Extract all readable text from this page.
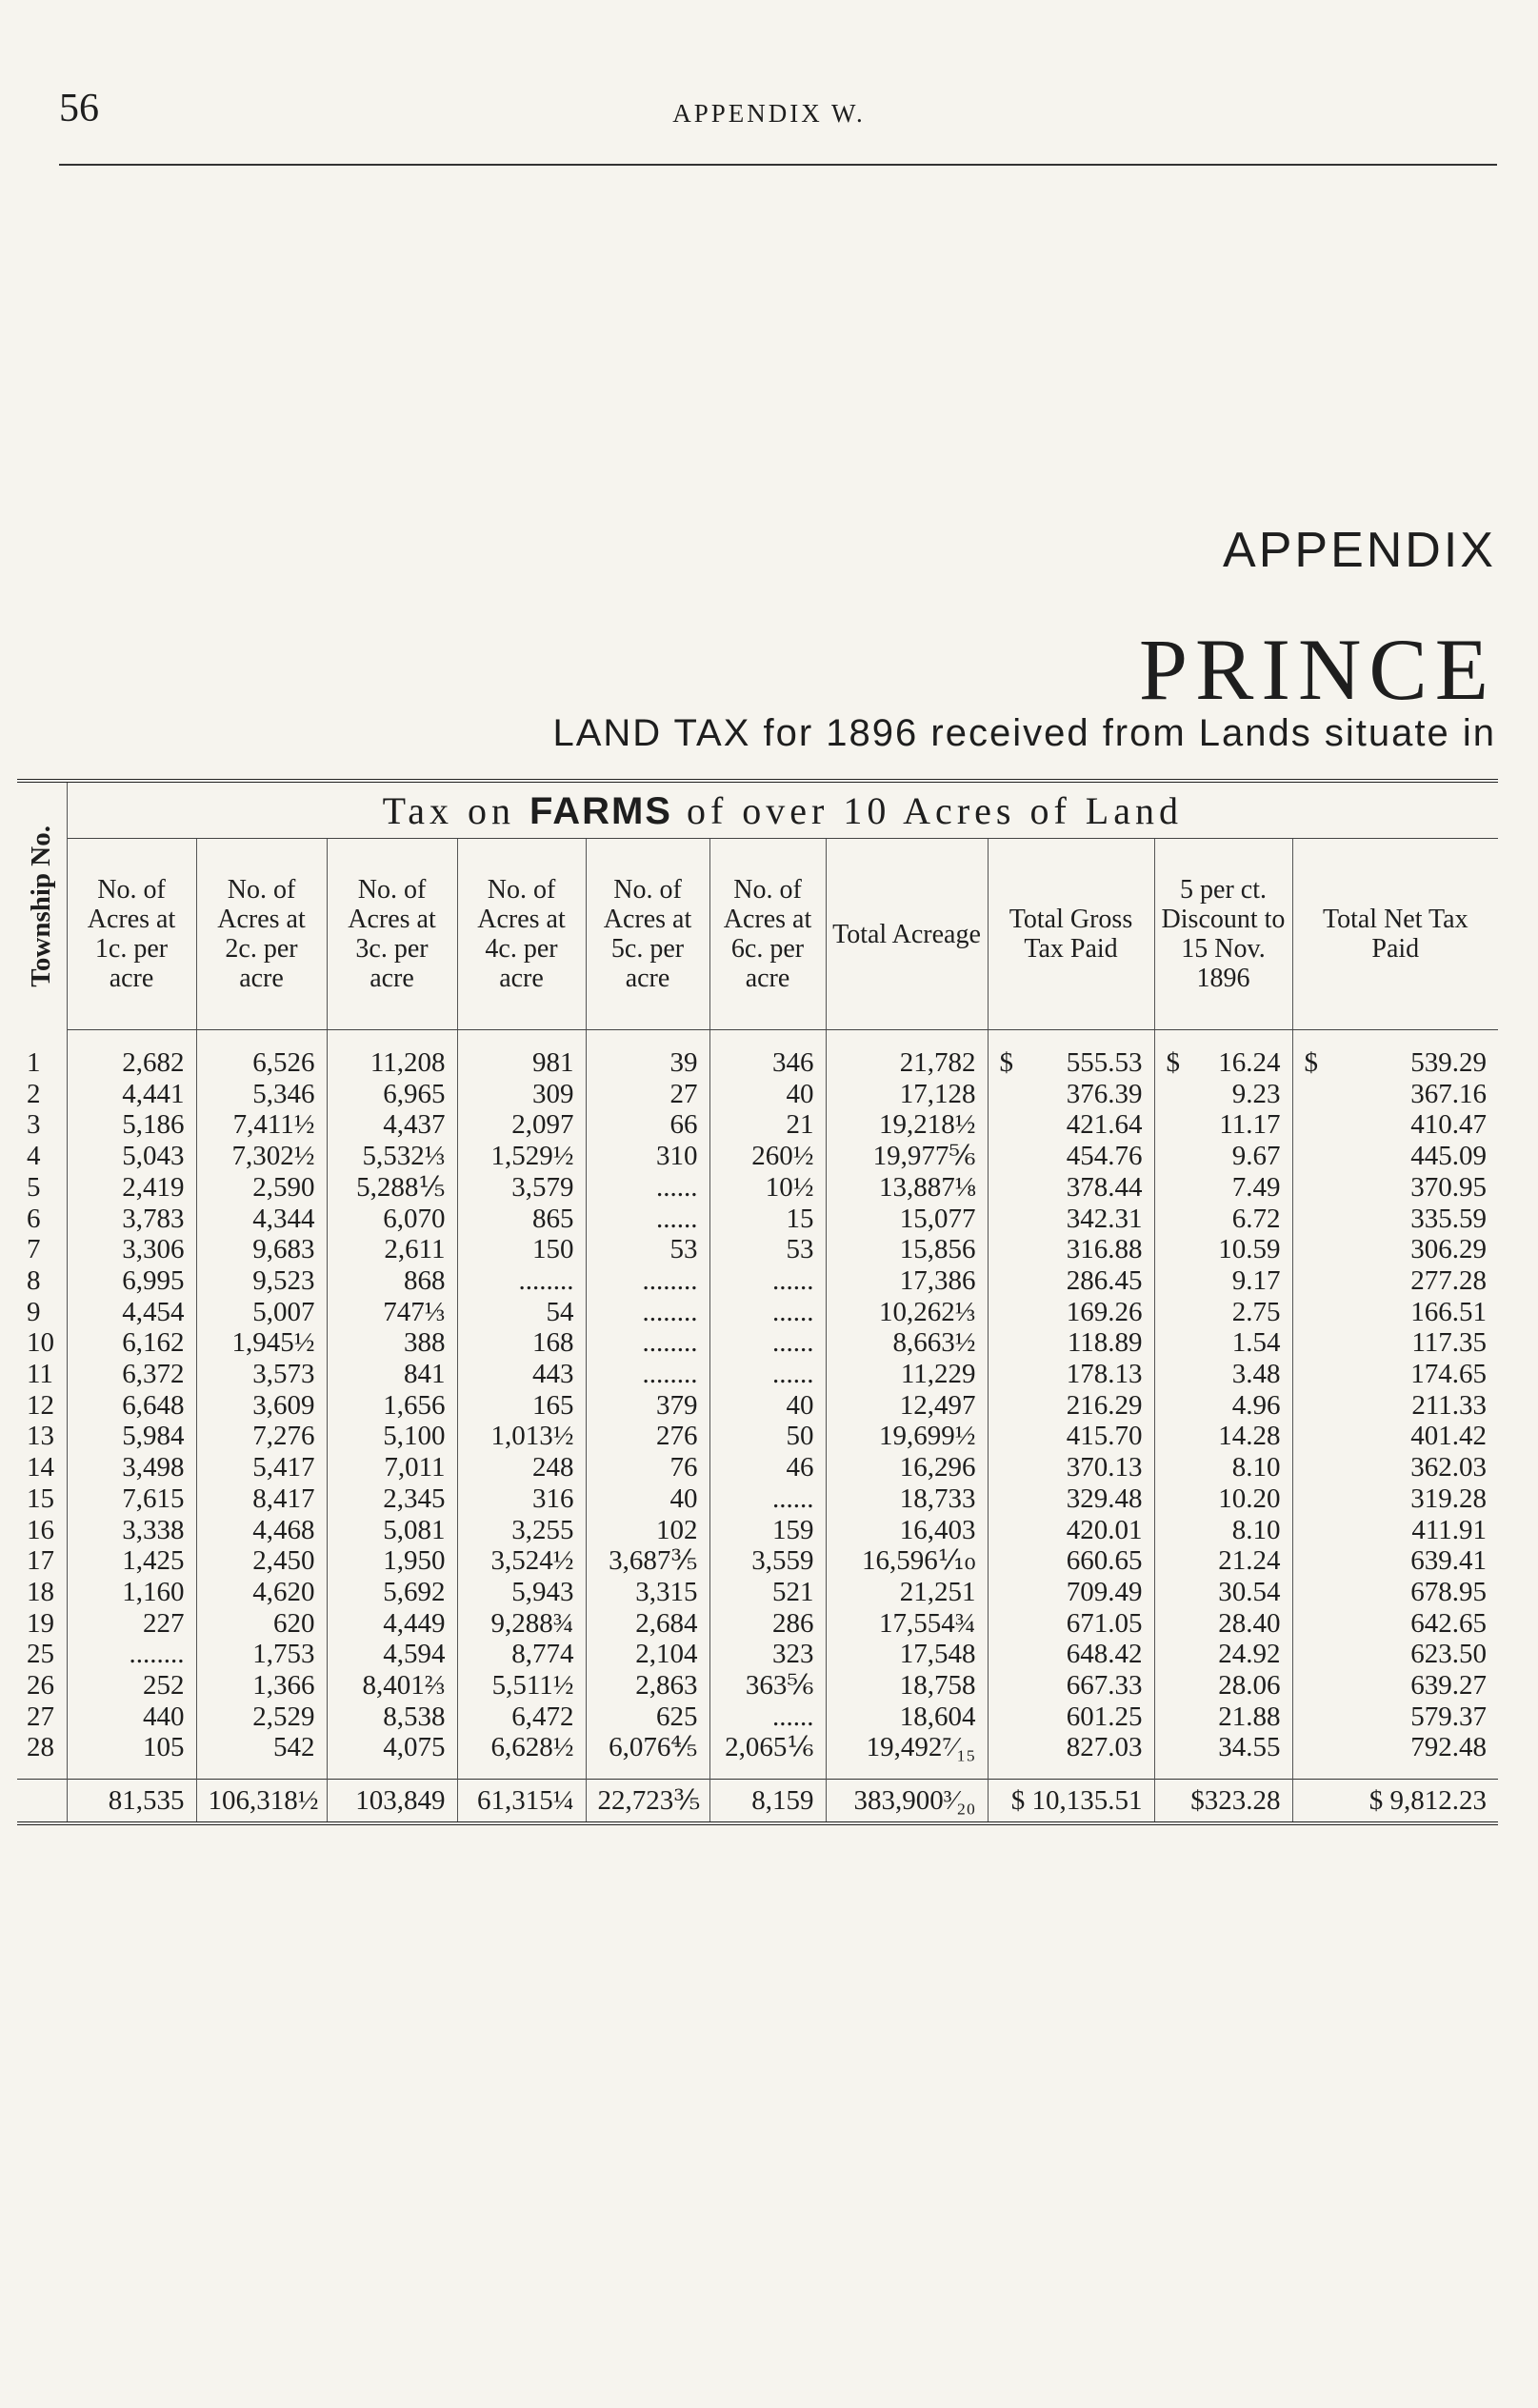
56	APPENDIX W.
APPENDIX
PRINCE
LAND TAX for 1896 received from Lands situate in
Township No.	Tax on FARMS of over 10 Acres of Land									
	No. of Acres at 1c. per acre	No. of Acres at 2c. per acre	No. of Acres at 3c. per acre	No. of Acres at 4c. per acre	No. of Acres at 5c. per acre	No. of Acres at 6c. per acre	Total Acreage	Total Gross Tax Paid	5 per ct. Discount to 15 Nov. 1896	Total Net Tax Paid
1	2,682	6,526	11,208	981	39	346	21,782	$ 555.53	$ 16.24	$ 539.29
2	4,441	5,346	6,965	309	27	40	17,128	376.39	9.23	367.16
3	5,186	7,411½	4,437	2,097	66	21	19,218½	421.64	11.17	410.47
4	5,043	7,302½	5,532⅓	1,529½	310	260½	19,977⅚	454.76	9.67	445.09
5	2,419	2,590	5,288⅕	3,579	......	10½	13,887⅛	378.44	7.49	370.95
6	3,783	4,344	6,070	865	......	15	15,077	342.31	6.72	335.59
7	3,306	9,683	2,611	150	53	53	15,856	316.88	10.59	306.29
8	6,995	9,523	868	........	........	......	17,386	286.45	9.17	277.28
9	4,454	5,007	747⅓	54	........	......	10,262⅓	169.26	2.75	166.51
10	6,162	1,945½	388	168	........	......	8,663½	118.89	1.54	117.35
11	6,372	3,573	841	443	........	......	11,229	178.13	3.48	174.65
12	6,648	3,609	1,656	165	379	40	12,497	216.29	4.96	211.33
13	5,984	7,276	5,100	1,013½	276	50	19,699½	415.70	14.28	401.42
14	3,498	5,417	7,011	248	76	46	16,296	370.13	8.10	362.03
15	7,615	8,417	2,345	316	40	......	18,733	329.48	10.20	319.28
16	3,338	4,468	5,081	3,255	102	159	16,403	420.01	8.10	411.91
17	1,425	2,450	1,950	3,524½	3,687⅗	3,559	16,596⅒	660.65	21.24	639.41
18	1,160	4,620	5,692	5,943	3,315	521	21,251	709.49	30.54	678.95
19	227	620	4,449	9,288¾	2,684	286	17,554¾	671.05	28.40	642.65
25	........	1,753	4,594	8,774	2,104	323	17,548	648.42	24.92	623.50
26	252	1,366	8,401⅔	5,511½	2,863	363⅚	18,758	667.33	28.06	639.27
27	440	2,529	8,538	6,472	625	......	18,604	601.25	21.88	579.37
28	105	542	4,075	6,628½	6,076⅘	2,065⅙	19,492⁷⁄₁₅	827.03	34.55	792.48
	81,535	106,318½	103,849	61,315¼	22,723⅗	8,159	383,900³⁄₂₀	$ 10,135.51	$323.28	$ 9,812.23
